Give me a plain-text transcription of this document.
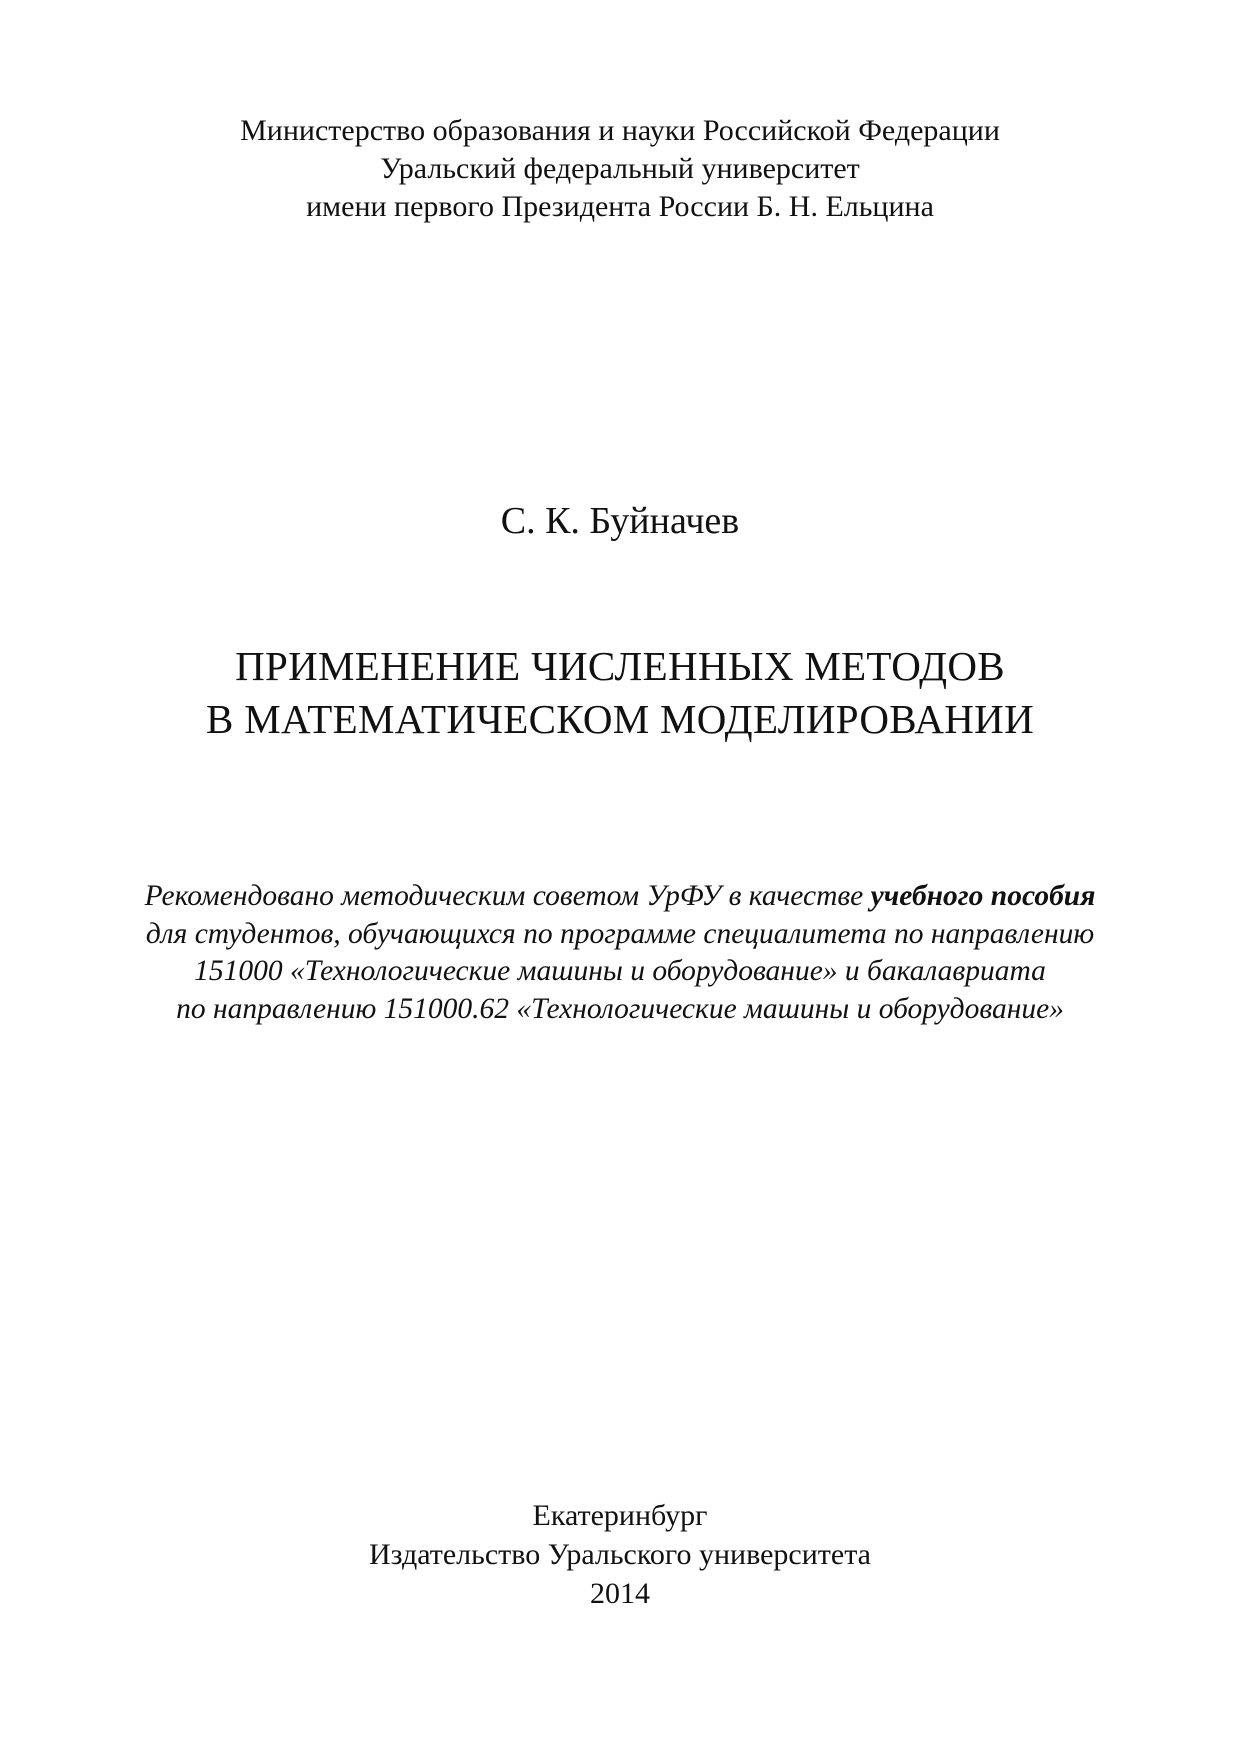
Министерство образования и науки Российской Федерации
Уральский федеральный университет
имени первого Президента России Б. Н. Ельцина
С. К. Буйначев
ПРИМЕНЕНИЕ ЧИСЛЕННЫХ МЕТОДОВ
В МАТЕМАТИЧЕСКОМ МОДЕЛИРОВАНИИ
Рекомендовано методическим советом УрФУ в качестве учебного пособия
для студентов, обучающихся по программе специалитета по направлению
151000 «Технологические машины и оборудование» и бакалавриата
по направлению 151000.62 «Технологические машины и оборудование»
Екатеринбург
Издательство Уральского университета
2014
